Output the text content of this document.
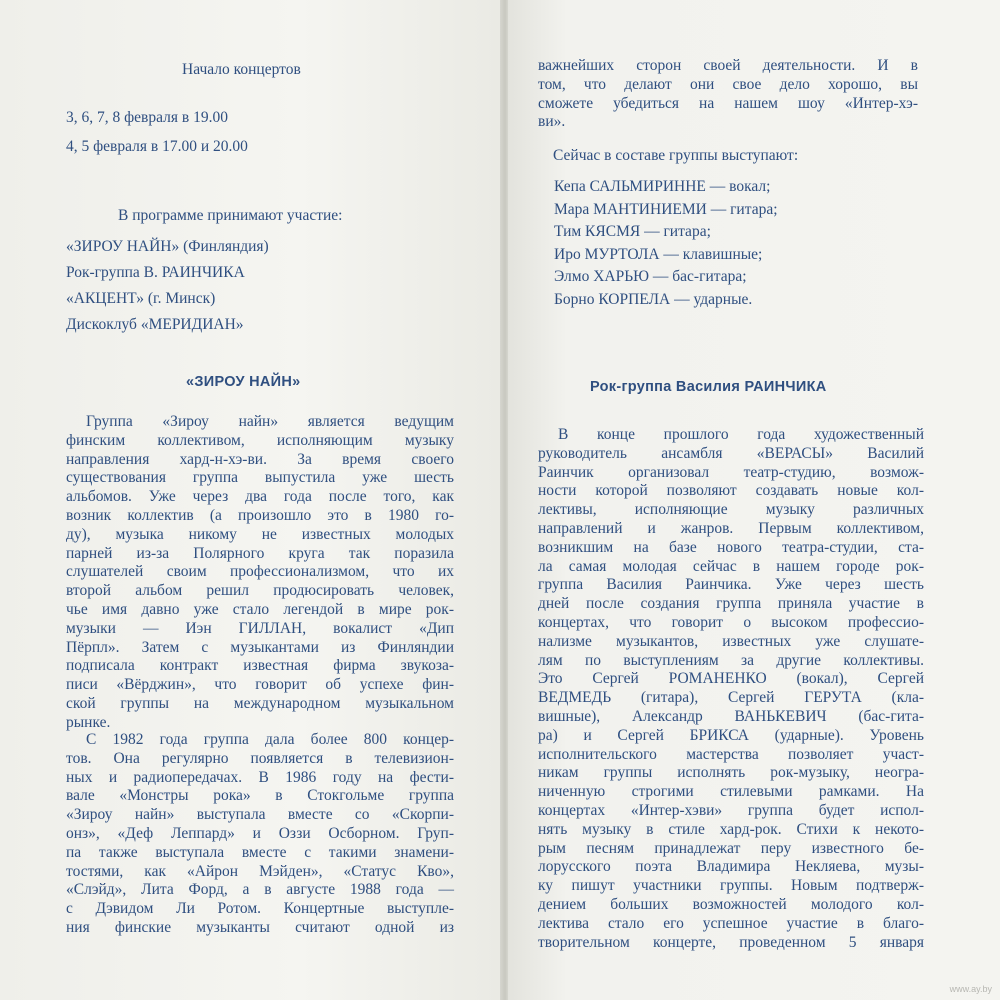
Начало концертов
3, 6, 7, 8 февраля в 19.00
4, 5 февраля в 17.00 и 20.00
В программе принимают участие:
«ЗИРОУ НАЙН» (Финляндия)
Рок-группа В. РАИНЧИКА
«АКЦЕНТ» (г. Минск)
Дискоклуб «МЕРИДИАН»
«ЗИРОУ НАЙН»
Группа «Зироу найн» является ведущим
финским коллективом, исполняющим музыку
направления хард-н-хэ-ви. За время своего
существования группа выпустила уже шесть
альбомов. Уже через два года после того, как
возник коллектив (а произошло это в 1980 го-
ду), музыка никому не известных молодых
парней из-за Полярного круга так поразила
слушателей своим профессионализмом, что их
второй альбом решил продюсировать человек,
чье имя давно уже стало легендой в мире рок-
музыки — Иэн ГИЛЛАН, вокалист «Дип
Пёрпл». Затем с музыкантами из Финляндии
подписала контракт известная фирма звукоза-
писи «Вёрджин», что говорит об успехе фин-
ской группы на международном музыкальном
рынке.
С 1982 года группа дала более 800 концер-
тов. Она регулярно появляется в телевизион-
ных и радиопередачах. В 1986 году на фести-
вале «Монстры рока» в Стокгольме группа
«Зироу найн» выступала вместе со «Скорпи-
онз», «Деф Леппард» и Оззи Осборном. Груп-
па также выступала вместе с такими знамени-
тостями, как «Айрон Мэйден», «Статус Кво»,
«Слэйд», Лита Форд, а в августе 1988 года —
с Дэвидом Ли Ротом. Концертные выступле-
ния финские музыканты считают одной из
важнейших сторон своей деятельности. И в
том, что делают они свое дело хорошо, вы
сможете убедиться на нашем шоу «Интер-хэ-
ви».
Сейчас в составе группы выступают:
Кепа САЛЬМИРИННЕ — вокал;
Мара МАНТИНИЕМИ — гитара;
Тим КЯСМЯ — гитара;
Иро МУРТОЛА — клавишные;
Элмо ХАРЬЮ — бас-гитара;
Борно КОРПЕЛА — ударные.
Рок-группа Василия РАИНЧИКА
В конце прошлого года художественный
руководитель ансамбля «ВЕРАСЫ» Василий
Раинчик организовал театр-студию, возмож-
ности которой позволяют создавать новые кол-
лективы, исполняющие музыку различных
направлений и жанров. Первым коллективом,
возникшим на базе нового театра-студии, ста-
ла самая молодая сейчас в нашем городе рок-
группа Василия Раинчика. Уже через шесть
дней после создания группа приняла участие в
концертах, что говорит о высоком профессио-
нализме музыкантов, известных уже слушате-
лям по выступлениям за другие коллективы.
Это Сергей РОМАНЕНКО (вокал), Сергей
ВЕДМЕДЬ (гитара), Сергей ГЕРУТА (кла-
вишные), Александр ВАНЬКЕВИЧ (бас-гита-
ра) и Сергей БРИКСА (ударные). Уровень
исполнительского мастерства позволяет участ-
никам группы исполнять рок-музыку, неогра-
ниченную строгими стилевыми рамками. На
концертах «Интер-хэви» группа будет испол-
нять музыку в стиле хард-рок. Стихи к некото-
рым песням принадлежат перу известного бе-
лорусского поэта Владимира Некляева, музы-
ку пишут участники группы. Новым подтверж-
дением больших возможностей молодого кол-
лектива стало его успешное участие в благо-
творительном концерте, проведенном 5 января
www.ay.by
